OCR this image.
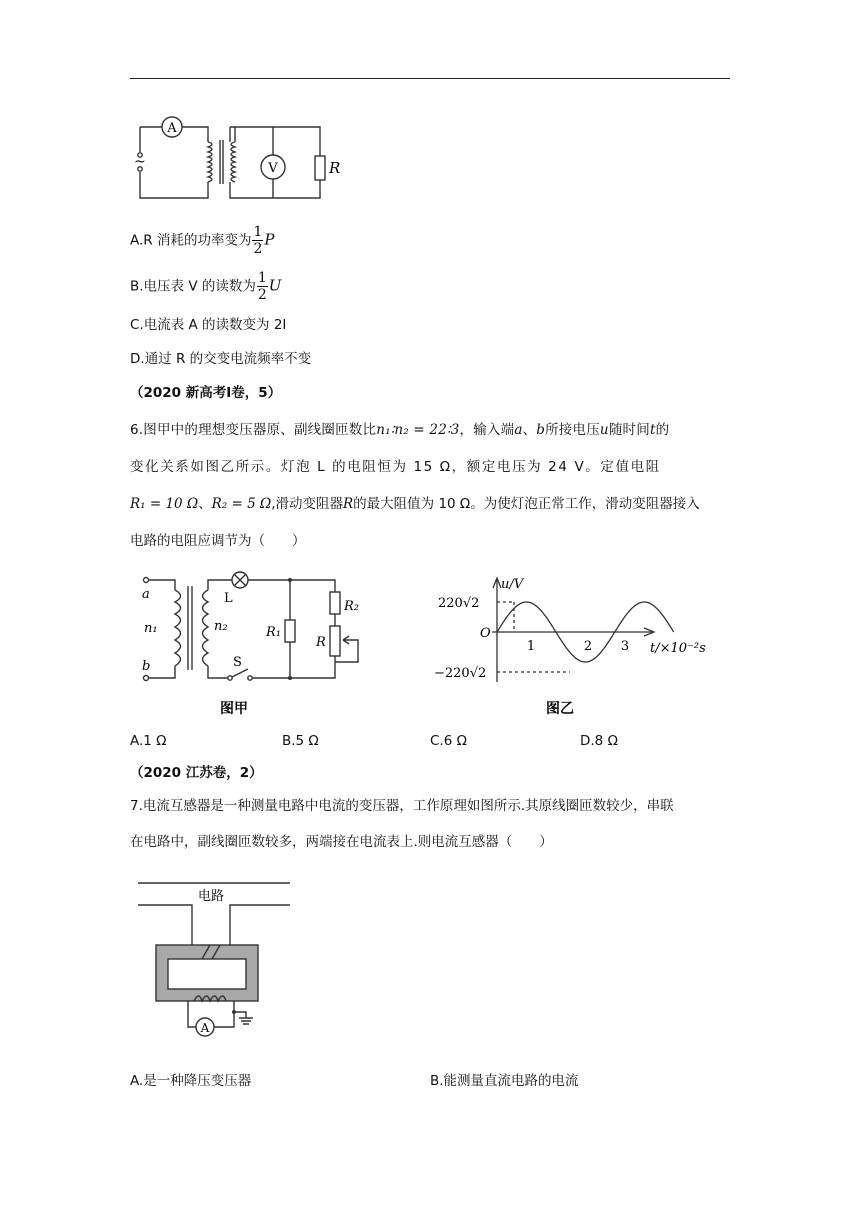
A
V	R
~
A.R 消耗的功率变为 $\frac{1}{2}$ P
B.电压表 V 的读数为 $\frac{1}{2}$ U
C.电流表 A 的读数变为 2I
D.通过 R 的交变电流频率不变
（2020 新高考Ⅰ卷，5）
6.图甲中的理想变压器原、副线圈匝数比n₁∶n₂ = 22∶3，输入端a、b所接电压u随时间t的
变化关系如图乙所示。灯泡 L 的电阻恒为 15 Ω，额定电压为 24 V。定值电阻
R₁ = 10 Ω、R₂ = 5 Ω,滑动变阻器R的最大阻值为 10 Ω。为使灯泡正常工作，滑动变阻器接入
电路的电阻应调节为（　　）
a
b
n₁	n₂
L
S
R₁
R₂
R
图甲
u/V
220√2
−220√2
O
1	2 3 t/×10⁻²s
图乙
A.1 Ω	B.5 Ω	C.6 Ω	D.8 Ω
（2020 江苏卷，2）
7.电流互感器是一种测量电路中电流的变压器，工作原理如图所示.其原线圈匝数较少，串联
在电路中，副线圈匝数较多，两端接在电流表上.则电流互感器（　　）
电路
A
A.是一种降压变压器	B.能测量直流电路的电流
